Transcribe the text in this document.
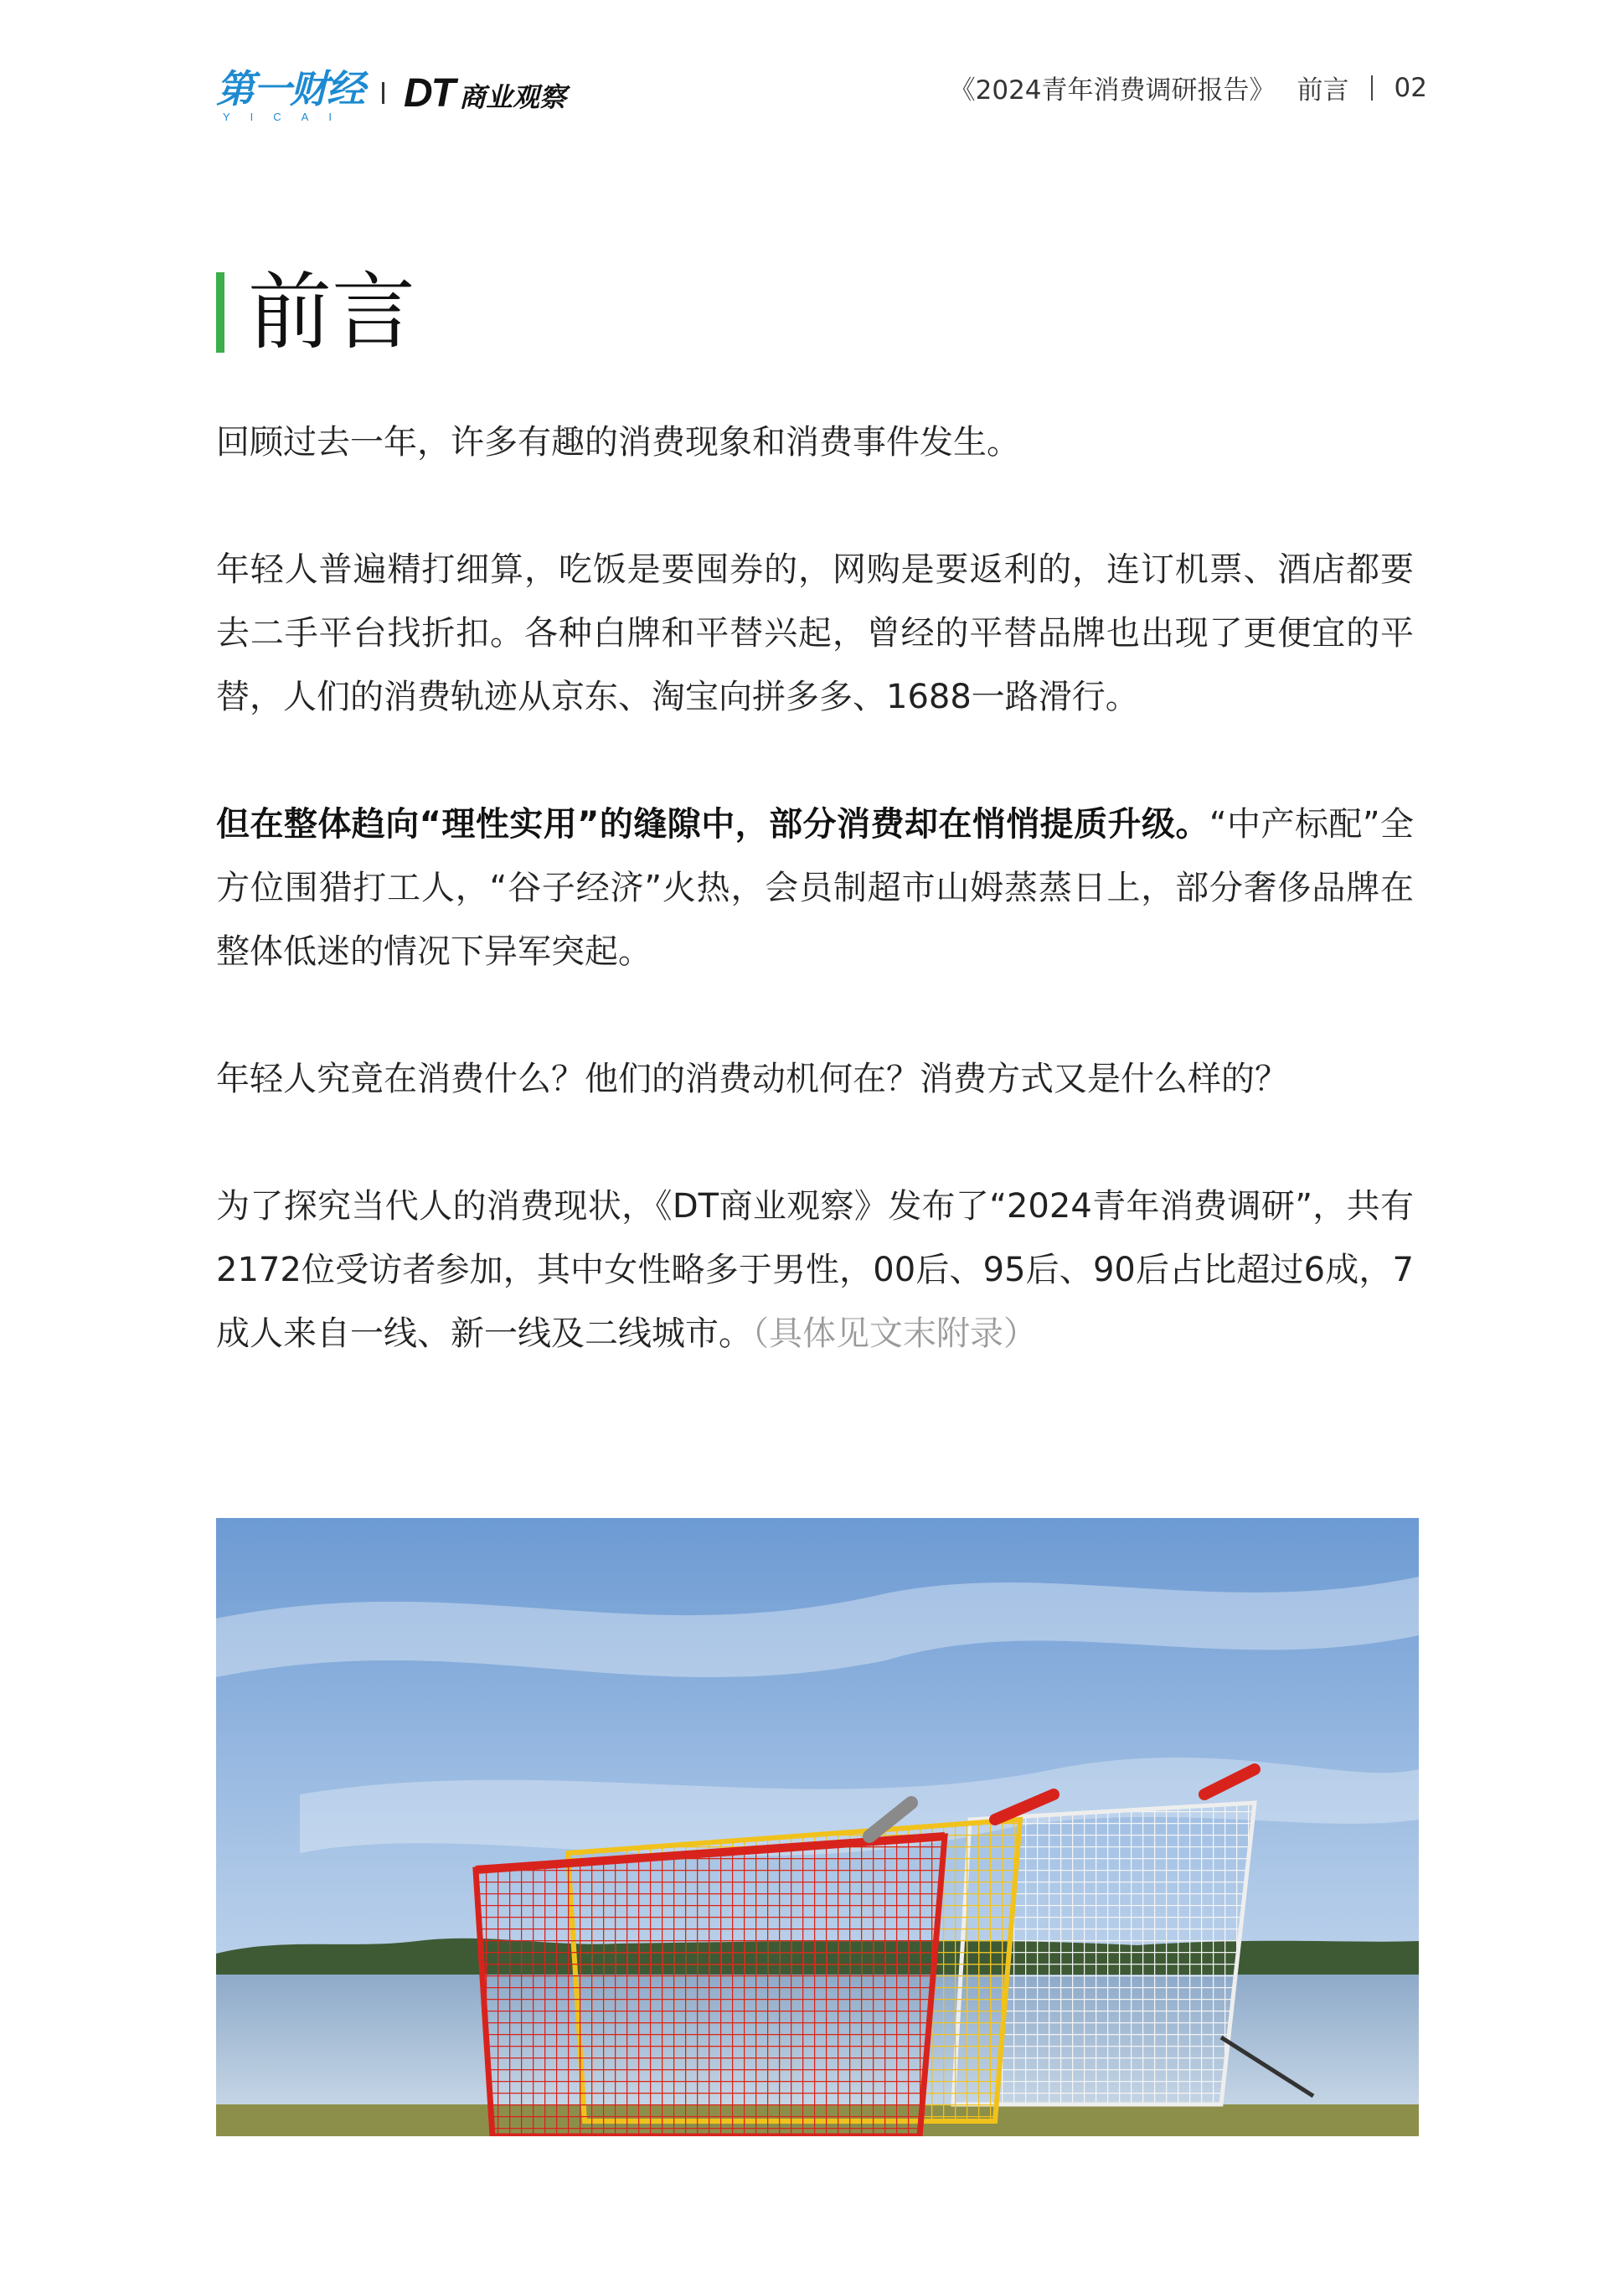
第一财经
YICAI
DT 商业观察	《2024青年消费调研报告》 前言 02
前言

回顾过去一年，许多有趣的消费现象和消费事件发生。

年轻人普遍精打细算，吃饭是要囤券的，网购是要返利的，连订机票、酒店都要去二手平台找折扣。各种白牌和平替兴起，曾经的平替品牌也出现了更便宜的平替，人们的消费轨迹从京东、淘宝向拼多多、1688一路滑行。

但在整体趋向“理性实用”的缝隙中，部分消费却在悄悄提质升级。“中产标配”全方位围猎打工人，“谷子经济”火热，会员制超市山姆蒸蒸日上，部分奢侈品牌在整体低迷的情况下异军突起。

年轻人究竟在消费什么？他们的消费动机何在？消费方式又是什么样的？

为了探究当代人的消费现状，《DT商业观察》发布了“2024青年消费调研”，共有2172位受访者参加，其中女性略多于男性，00后、95后、90后占比超过6成，7成人来自一线、新一线及二线城市。（具体见文末附录）
